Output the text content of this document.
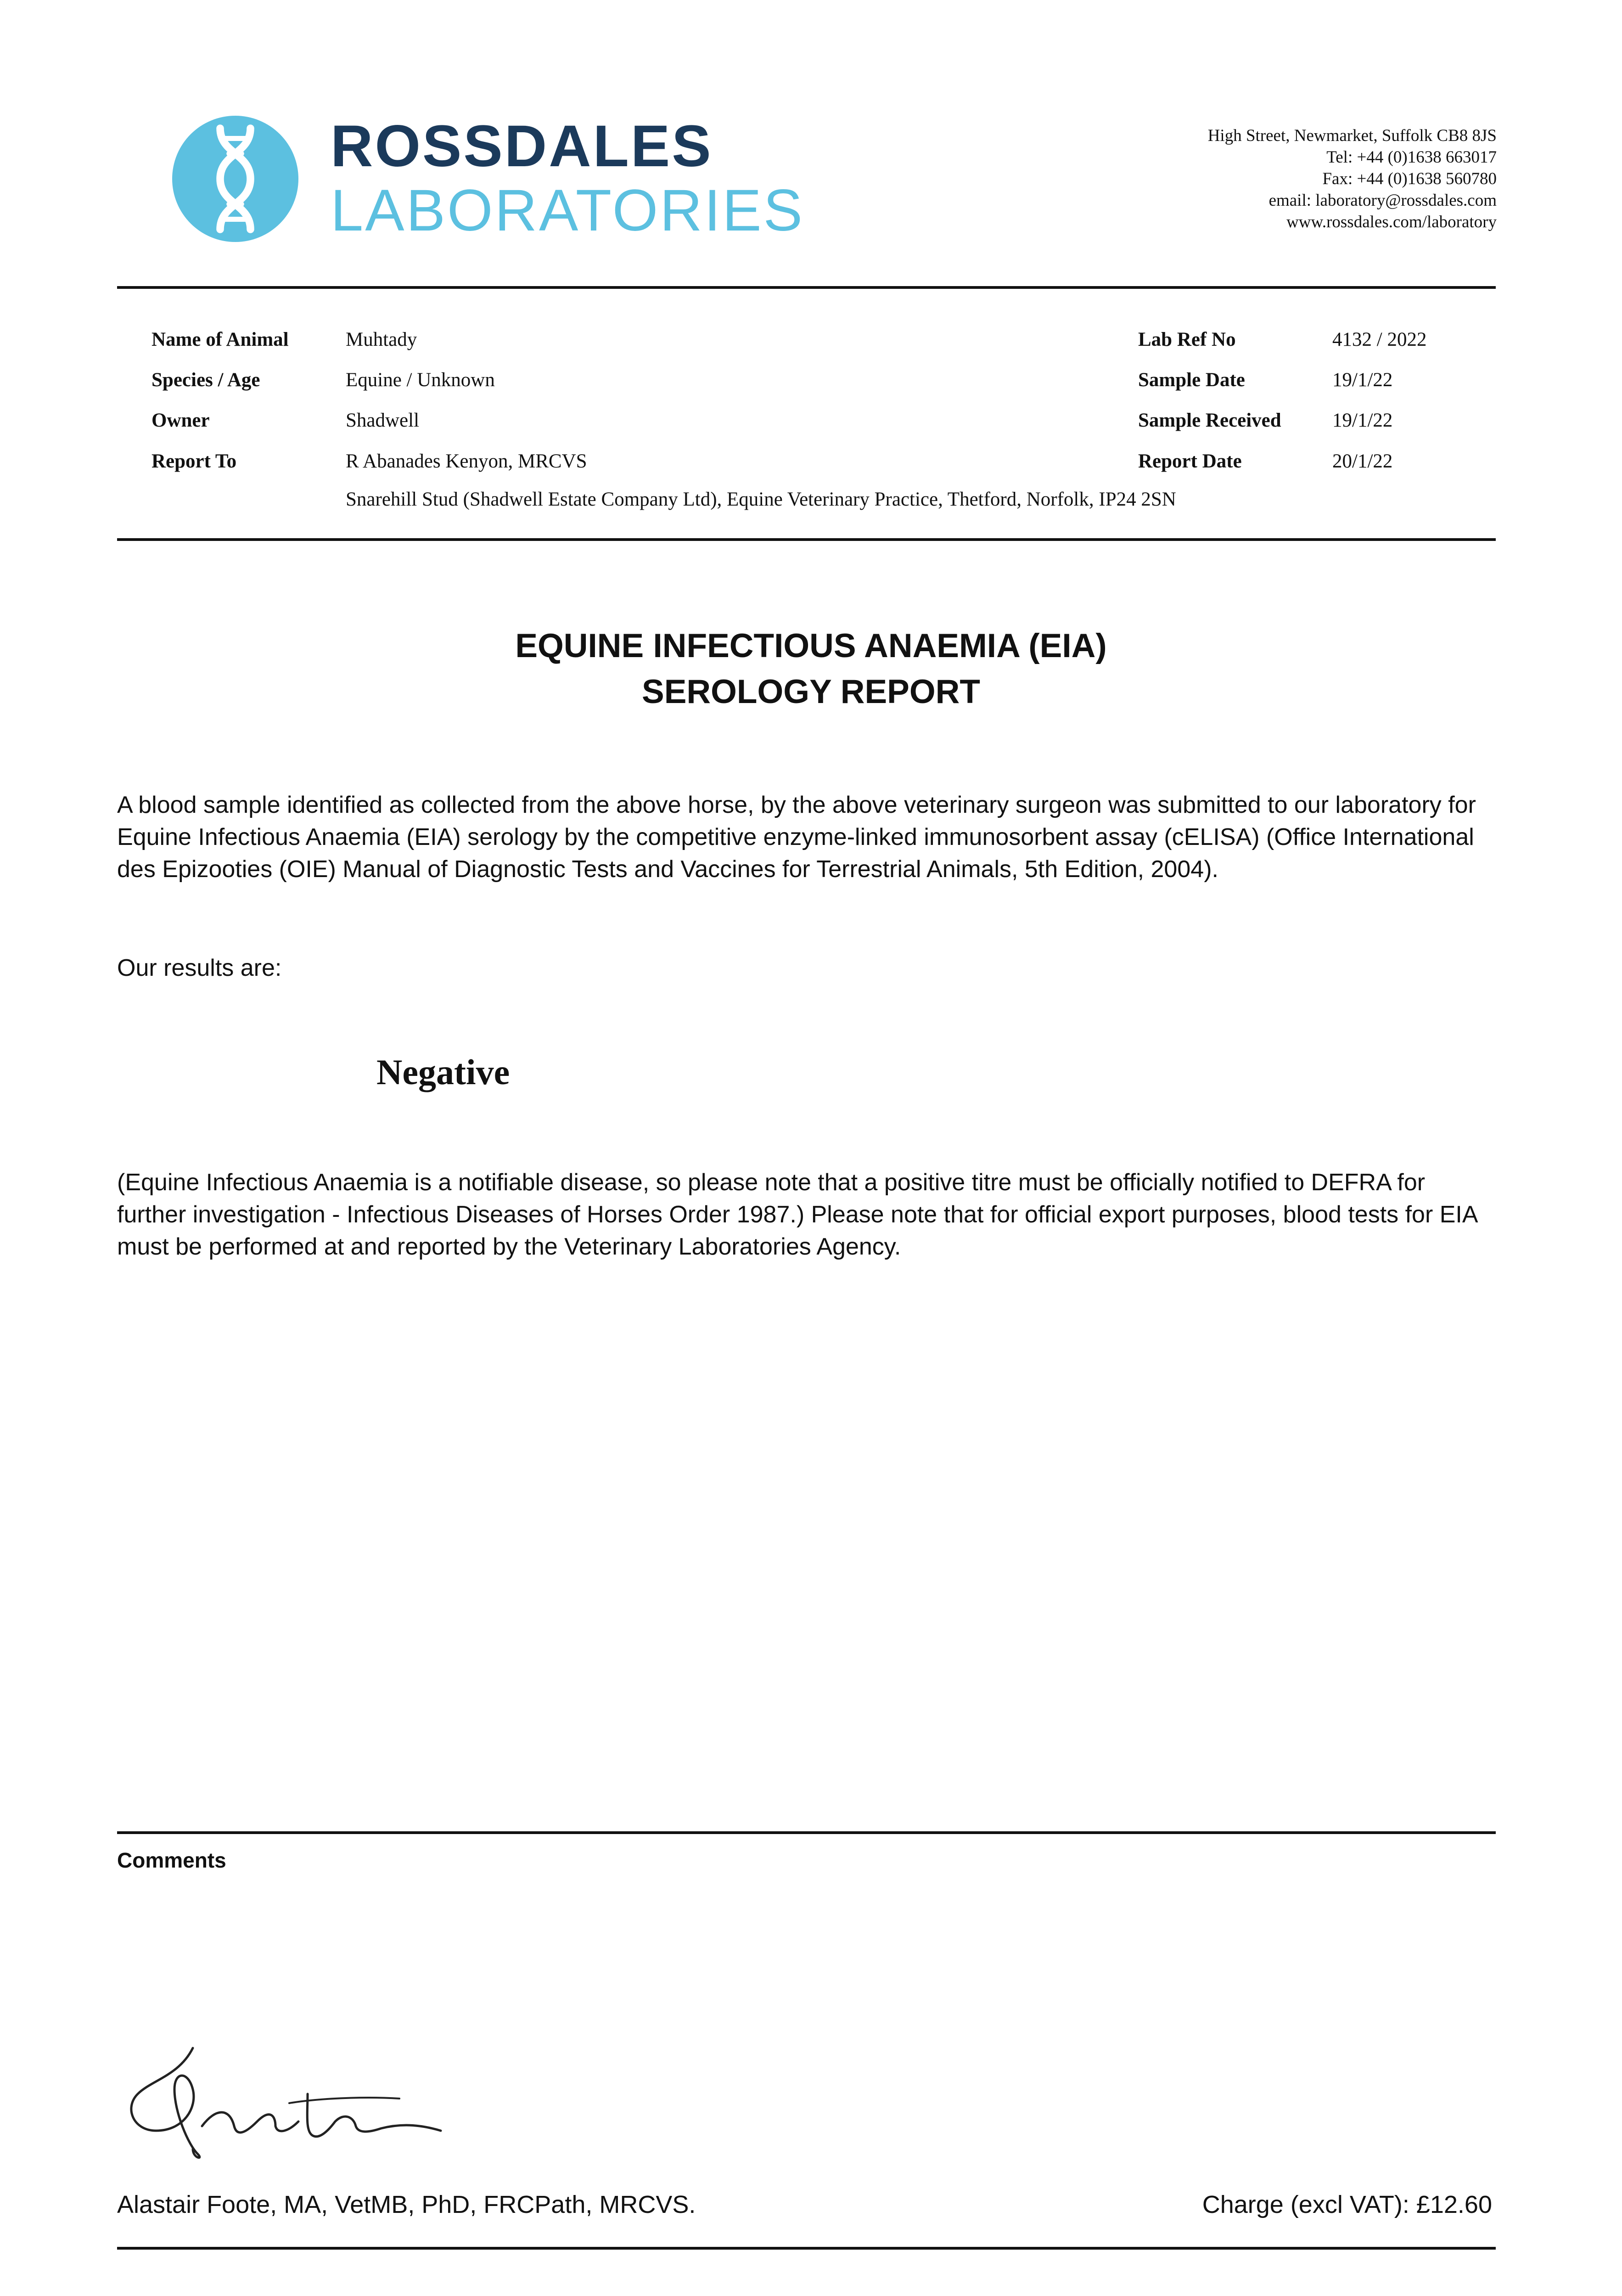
ROSSDALES
LABORATORIES
High Street, Newmarket, Suffolk CB8 8JS
Tel: +44 (0)1638 663017
Fax: +44 (0)1638 560780
email: laboratory@rossdales.com
www.rossdales.com/laboratory
Name of Animal	Muhtady
Species / Age	Equine / Unknown
Owner	Shadwell
Report To	R Abanades Kenyon, MRCVS
Snarehill Stud (Shadwell Estate Company Ltd), Equine Veterinary Practice, Thetford, Norfolk, IP24 2SN
Lab Ref No	4132 / 2022
Sample Date	19/1/22
Sample Received	19/1/22
Report Date	20/1/22
EQUINE INFECTIOUS ANAEMIA (EIA)
SEROLOGY REPORT
A blood sample identified as collected from the above horse, by the above veterinary surgeon was submitted to our laboratory for Equine Infectious Anaemia (EIA) serology by the competitive enzyme-linked immunosorbent assay (cELISA) (Office International des Epizooties (OIE) Manual of Diagnostic Tests and Vaccines for Terrestrial Animals, 5th Edition, 2004).
Our results are:
Negative
(Equine Infectious Anaemia is a notifiable disease, so please note that a positive titre must be officially notified to DEFRA for further investigation - Infectious Diseases of Horses Order 1987.) Please note that for official export purposes, blood tests for EIA must be performed at and reported by the Veterinary Laboratories Agency.
Comments
Alastair Foote, MA, VetMB, PhD, FRCPath, MRCVS.	Charge (excl VAT): £12.60
